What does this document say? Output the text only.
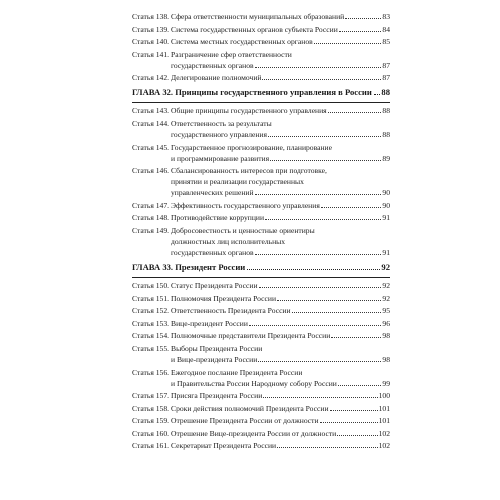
Статья 138. Сфера ответственности муниципальных образований	83
Статья 139. Система государственных органов субъекта России	84
Статья 140. Система местных государственных органов	85
Статья 141. Разграничение сфер ответственности
государственных органов	87
Статья 142. Делегирование полномочий	87
ГЛАВА 32. Принципы государственного управления в России 88
Статья 143. Общие принципы государственного управления	88
Статья 144. Ответственность за результаты
государственного управления	88
Статья 145. Государственное прогнозирование, планирование
и программирование развития	89
Статья 146. Сбалансированность интересов при подготовке,
принятии и реализации государственных
управленческих решений	90
Статья 147. Эффективность государственного управления	90
Статья 148. Противодействие коррупции	91
Статья 149. Добросовестность и ценностные ориентиры
должностных лиц исполнительных
государственных органов	91
ГЛАВА 33. Президент России	92
Статья 150. Статус Президента России	92
Статья 151. Полномочия Президента России	92
Статья 152. Ответственность Президента России	95
Статья 153. Вице-президент России	96
Статья 154. Полномочные представители Президента России	98
Статья 155. Выборы Президента России
и Вице-президента России	98
Статья 156. Ежегодное послание Президента России
и Правительства России Народному собору России	99
Статья 157. Присяга Президента России	100
Статья 158. Сроки действия полномочий Президента России	101
Статья 159. Отрешение Президента России от должности	101
Статья 160. Отрешение Вице-президента России от должности	102
Статья 161. Секретариат Президента России	102
